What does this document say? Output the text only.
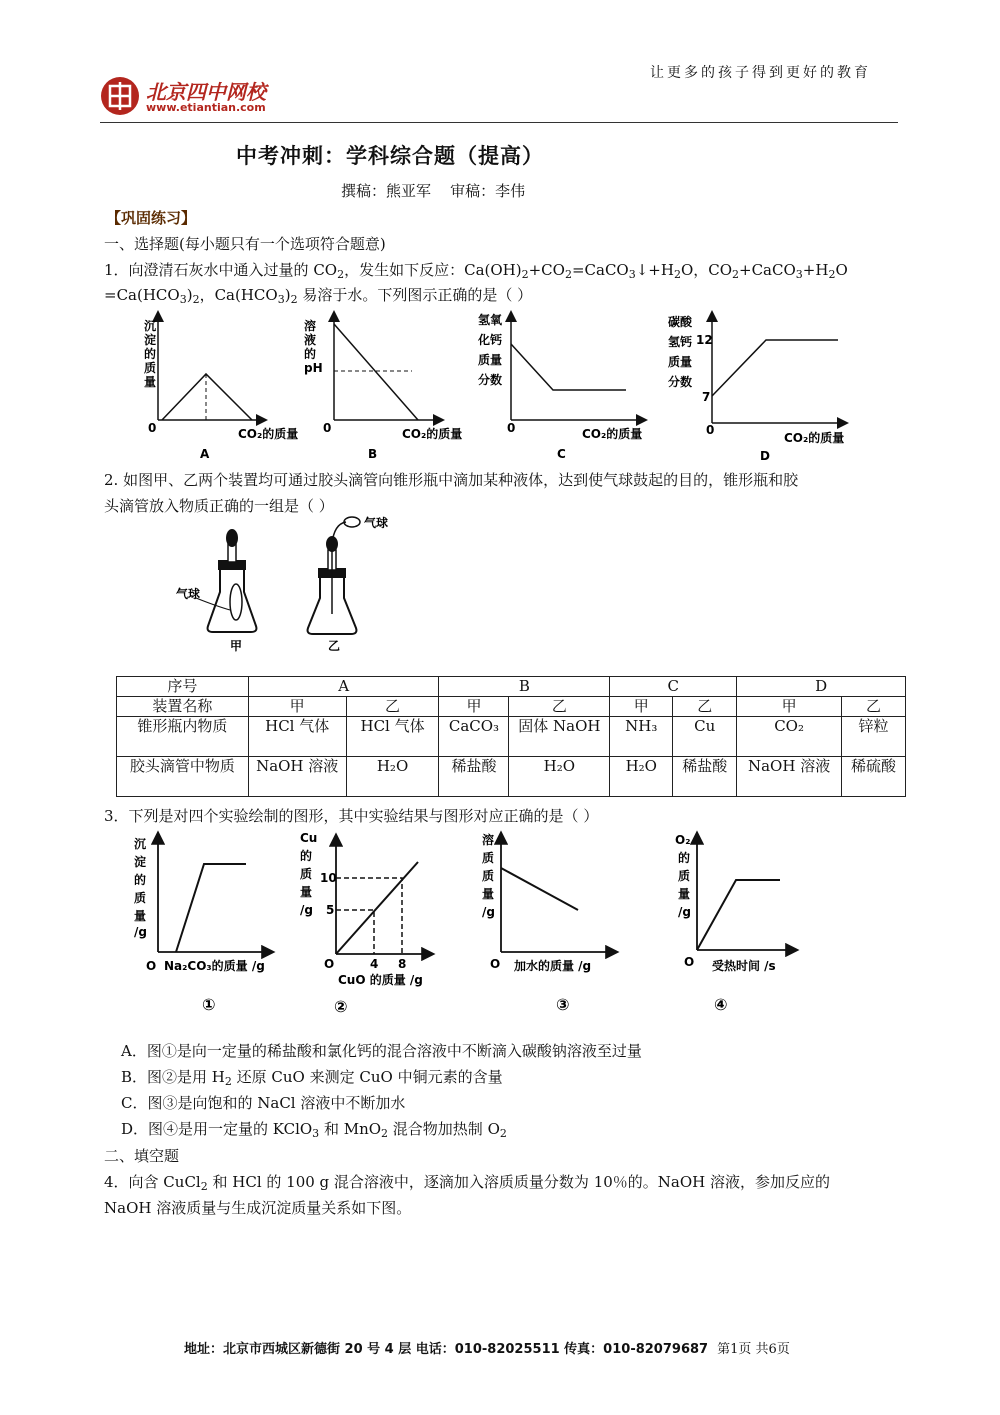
北京四中网校
www.etiantian.com
让更多的孩子得到更好的教育
中考冲刺：学科综合题（提高）
撰稿：熊亚军    审稿：李伟
【巩固练习】
一、选择题(每小题只有一个选项符合题意)
1．向澄清石灰水中通入过量的 $CO_2$，发生如下反应：$Ca(OH)_2+CO_2=CaCO_3↓+H_2O$，$CO_2+CaCO_3+H_2O$
$=Ca(HCO_3)_2$，$Ca(HCO_3)_2$ 易溶于水。下列图示正确的是（ ）
沉
淀
的
质
量
0	CO₂的质量
A
溶
液
的
pH
0	CO₂的质量
B
氢氧
化钙
质量
分数
0	CO₂的质量
C
碳酸
氢钙
质量
分数
12
7
0
CO₂的质量
D
2. 如图甲、乙两个装置均可通过胶头滴管向锥形瓶中滴加某种液体，达到使气球鼓起的目的，锥形瓶和胶
头滴管放入物质正确的一组是（ ）
气球
甲
气球
乙
序号	A		B		C		D	
装置名称	甲	乙	甲	乙	甲	乙	甲	乙
锥形瓶内物质	HCl 气体	HCl 气体	CaCO₃	固体 NaOH	NH₃	Cu	CO₂	锌粒
胶头滴管中物质	NaOH 溶液	H₂O	稀盐酸	H₂O	H₂O	稀盐酸	NaOH 溶液	稀硫酸
3．下列是对四个实验绘制的图形，其中实验结果与图形对应正确的是（ ）
沉
淀
的
质
量
/g
O Na₂CO₃的质量 /g
①
Cu
的
质
量
/g
10
5
4 8
O
CuO 的质量 /g
②
溶
质
质
量
/g
O 加水的质量 /g
③
O₂
的
质
量
/g
O 受热时间 /s
④
A．图①是向一定量的稀盐酸和氯化钙的混合溶液中不断滴入碳酸钠溶液至过量
B．图②是用 $H_2$ 还原 CuO 来测定 CuO 中铜元素的含量
C．图③是向饱和的 NaCl 溶液中不断加水
D．图④是用一定量的 KClO$_3$ 和 MnO$_2$ 混合物加热制 $O_2$
二、填空题
4．向含 CuCl$_2$ 和 HCl 的 100 g 混合溶液中，逐滴加入溶质质量分数为 10％的。NaOH 溶液，参加反应的
NaOH 溶液质量与生成沉淀质量关系如下图。
地址：北京市西城区新德街 20 号 4 层 电话：010-82025511 传真：010-82079687 第1页 共6页
